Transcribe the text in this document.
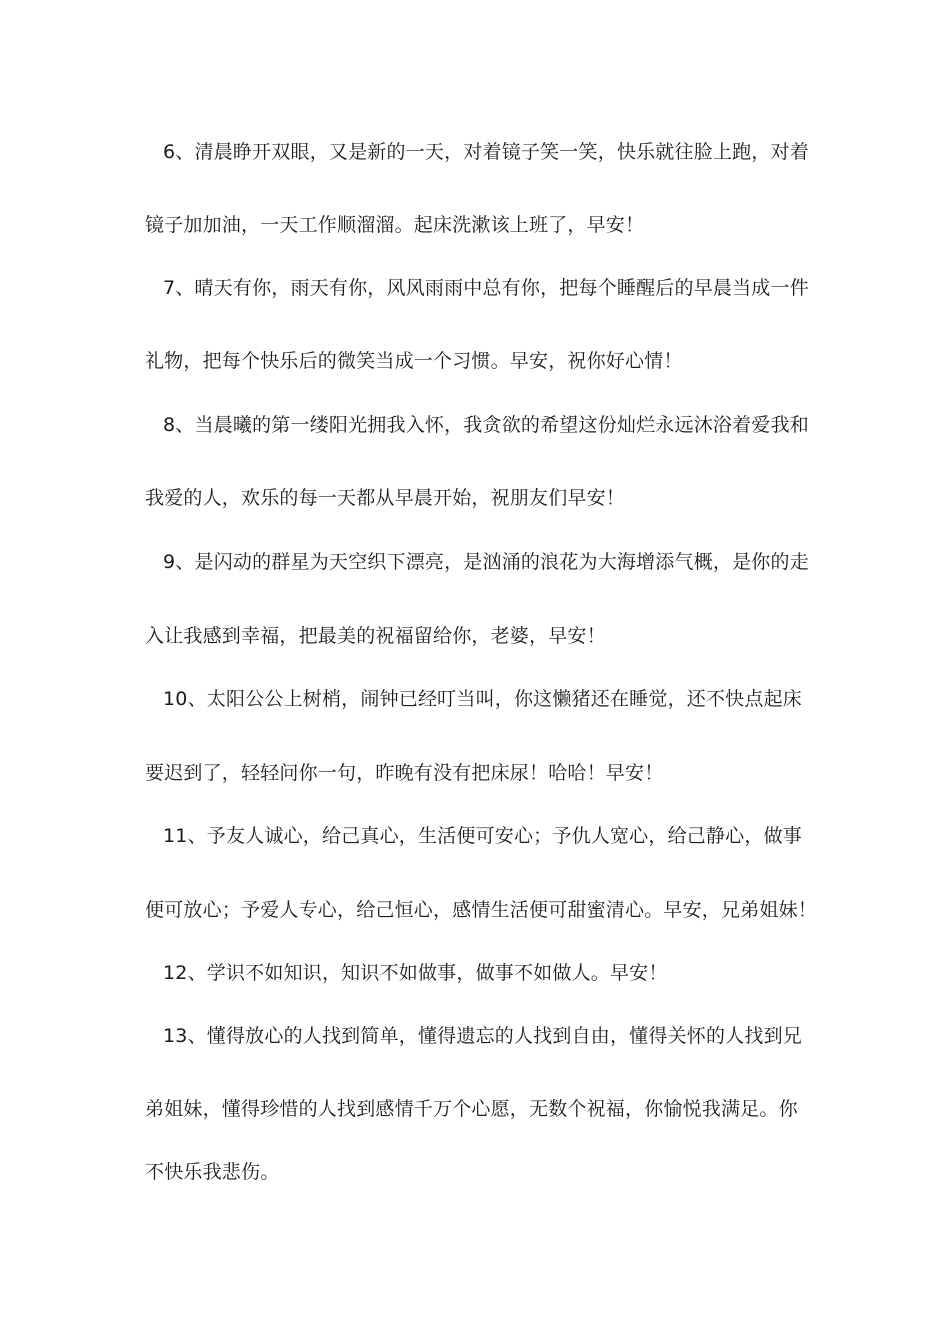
6、清晨睁开双眼，又是新的一天，对着镜子笑一笑，快乐就往脸上跑，对着
镜子加加油，一天工作顺溜溜。起床洗漱该上班了，早安！
7、晴天有你，雨天有你，风风雨雨中总有你，把每个睡醒后的早晨当成一件
礼物，把每个快乐后的微笑当成一个习惯。早安，祝你好心情！
8、当晨曦的第一缕阳光拥我入怀，我贪欲的希望这份灿烂永远沐浴着爱我和
我爱的人，欢乐的每一天都从早晨开始，祝朋友们早安！
9、是闪动的群星为天空织下漂亮，是汹涌的浪花为大海增添气概，是你的走
入让我感到幸福，把最美的祝福留给你，老婆，早安！
10、太阳公公上树梢，闹钟已经叮当叫，你这懒猪还在睡觉，还不快点起床
要迟到了，轻轻问你一句，昨晚有没有把床尿！哈哈！早安！
11、予友人诚心，给己真心，生活便可安心；予仇人宽心，给己静心，做事
便可放心；予爱人专心，给己恒心，感情生活便可甜蜜清心。早安，兄弟姐妹！
12、学识不如知识，知识不如做事，做事不如做人。早安！
13、懂得放心的人找到简单，懂得遗忘的人找到自由，懂得关怀的人找到兄
弟姐妹，懂得珍惜的人找到感情千万个心愿，无数个祝福，你愉悦我满足。你
不快乐我悲伤。
